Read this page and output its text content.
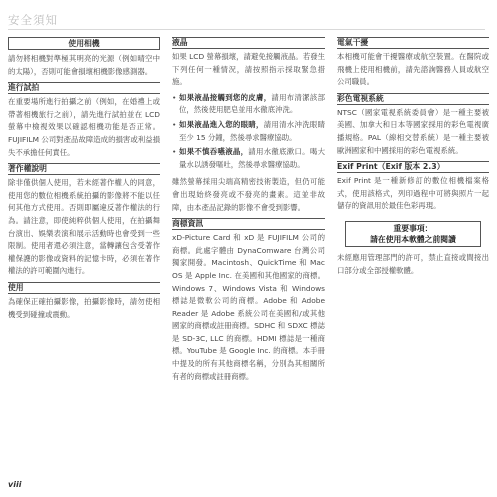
安全須知
使用相機

請勿將相機對準極其明亮的光源（例如晴空中的太陽），否則可能會損壞相機影像感測器。

進行試拍

在重要場所進行拍攝之前（例如，在婚禮上或帶著相機旅行之前），請先進行試拍並在 LCD 螢幕中檢視效果以確認相機功能是否正常。FUJIFILM 公司對產品故障造成的損害或利益損失不承擔任何責任。

著作權說明

除非僅供個人使用，若未經著作權人的同意，使用您的數位相機系統拍攝的影像將不能以任何其他方式使用。否則即屬違反著作權法的行為。請注意，即使純粹供個人使用，在拍攝舞台演出、娛樂表演和展示活動時也會受到一些限制。使用者還必須注意，當轉讓包含受著作權保護的影像或資料的記憶卡時，必須在著作權法的許可範圍內進行。

使用

為確保正確拍攝影像，拍攝影像時，請勿使相機受到碰撞或震動。

液晶

如果 LCD 螢幕損壞，請避免接觸液晶。若發生下列任何一種情況，請按照指示採取緊急措施。

• 如果液晶接觸到您的皮膚，請用布清潔該部位，然後使用肥皂並用水徹底沖洗。
• 如果液晶進入您的眼睛，請用清水沖洗眼睛至少 15 分鐘，然後尋求醫療協助。
• 如果不慎吞嚥液晶，請用水徹底漱口。喝大量水以誘發嘔吐，然後尋求醫療協助。

雖然螢幕採用尖端高精密技術製造，但仍可能會出現始終發亮或不發亮的畫素。這並非故障，由本產品記錄的影像不會受到影響。

商標資訊

xD-Picture Card 和 xD 是 FUJIFILM 公司的商標。此處字體由 DynaComware 台灣公司獨家開發。Macintosh、QuickTime 和 Mac OS 是 Apple Inc. 在美國和其他國家的商標。Windows 7、Windows Vista 和 Windows 標誌是微軟公司的商標。Adobe 和 Adobe Reader 是 Adobe 系統公司在美國和/或其他國家的商標或註冊商標。SDHC 和 SDXC 標誌是 SD-3C, LLC 的商標。HDMI 標誌是一種商標。YouTube 是 Google Inc. 的商標。本手冊中提及的所有其他商標名稱，分別為其相關所有者的商標或註冊商標。

電氣干擾

本相機可能會干擾醫療或航空裝置。在醫院或飛機上使用相機前，請先諮詢醫務人員或航空公司職員。

彩色電視系統

NTSC（國家電視系統委員會）是一種主要被美國、加拿大和日本等國家採用的彩色電視廣播規格。PAL（線相交替系統）是一種主要被歐洲國家和中國採用的彩色電視系統。

Exif Print（Exif 版本 2.3）

Exif Print 是一種新修訂的數位相機檔案格式，使用該格式，列印過程中可將與照片一起儲存的資訊用於最佳色彩再現。

重要事項：
請在使用本軟體之前閱讀

未經應用管理部門的許可，禁止直接或間接出口部分或全部授權軟體。

viii
